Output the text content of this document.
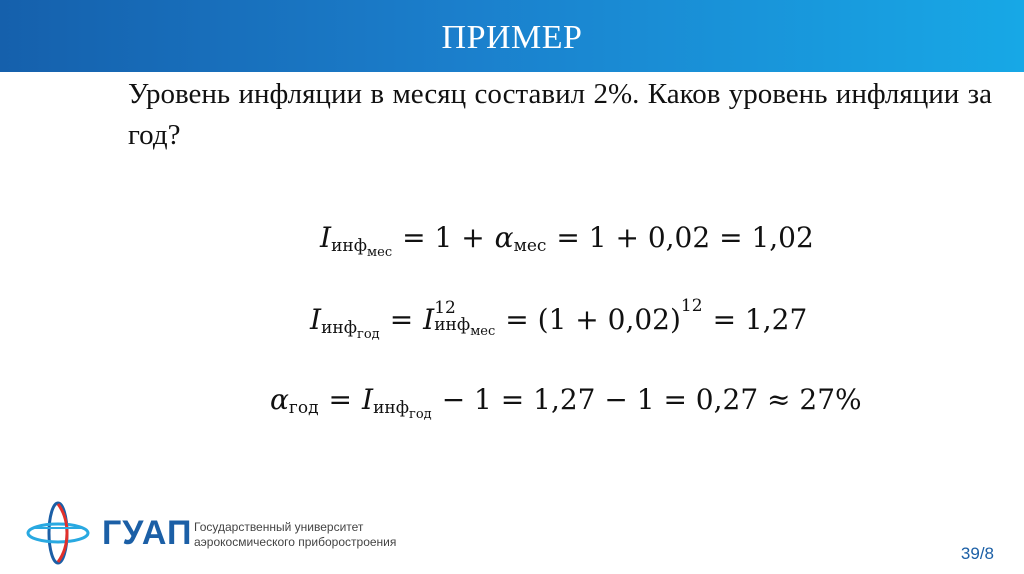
ПРИМЕР
Уровень инфляции в месяц составил 2%. Каков уровень инфляции за год?
I инф$_{мес}$ = 1 + α мес = 1 + 0,02 = 1,02
I инф$_{год}$ = I 12
инф$_{мес}$ = (1 + 0,02) 12 = 1,27
α год = I инф$_{год}$ − 1 = 1,27 − 1 = 0,27 ≈ 27%
ГУАП Государственный университет
аэрокосмического приборостроения
39/8
